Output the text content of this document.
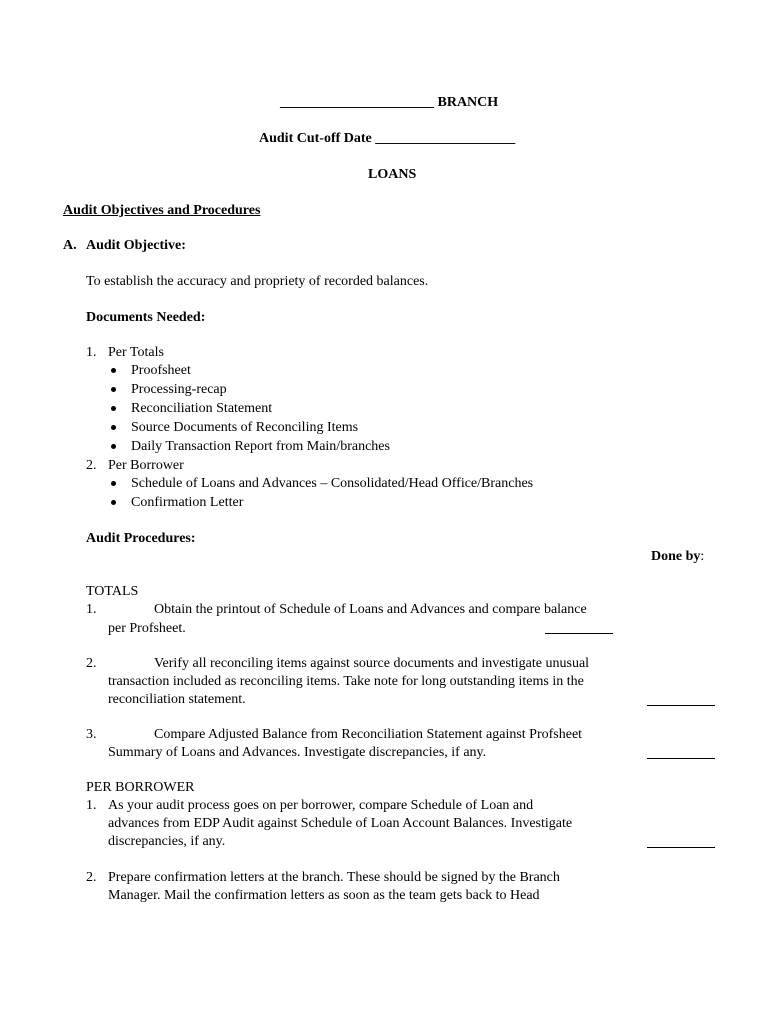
______________________ BRANCH
Audit Cut-off Date ____________________
LOANS
Audit Objectives and Procedures
A. Audit Objective:
To establish the accuracy and propriety of recorded balances.
Documents Needed:
1. Per Totals
Proofsheet
Processing-recap
Reconciliation Statement
Source Documents of Reconciling Items
Daily Transaction Report from Main/branches
2. Per Borrower
Schedule of Loans and Advances – Consolidated/Head Office/Branches
Confirmation Letter
Audit Procedures:
Done by:
TOTALS
1.	Obtain the printout of Schedule of Loans and Advances and compare balance
per Profsheet.
2.	Verify all reconciling items against source documents and investigate unusual
transaction included as reconciling items. Take note for long outstanding items in the
reconciliation statement.
3.	Compare Adjusted Balance from Reconciliation Statement against Profsheet
Summary of Loans and Advances. Investigate discrepancies, if any.
PER BORROWER
1. As your audit process goes on per borrower, compare Schedule of Loan and
advances from EDP Audit against Schedule of Loan Account Balances. Investigate
discrepancies, if any.
2. Prepare confirmation letters at the branch. These should be signed by the Branch
Manager. Mail the confirmation letters as soon as the team gets back to Head
